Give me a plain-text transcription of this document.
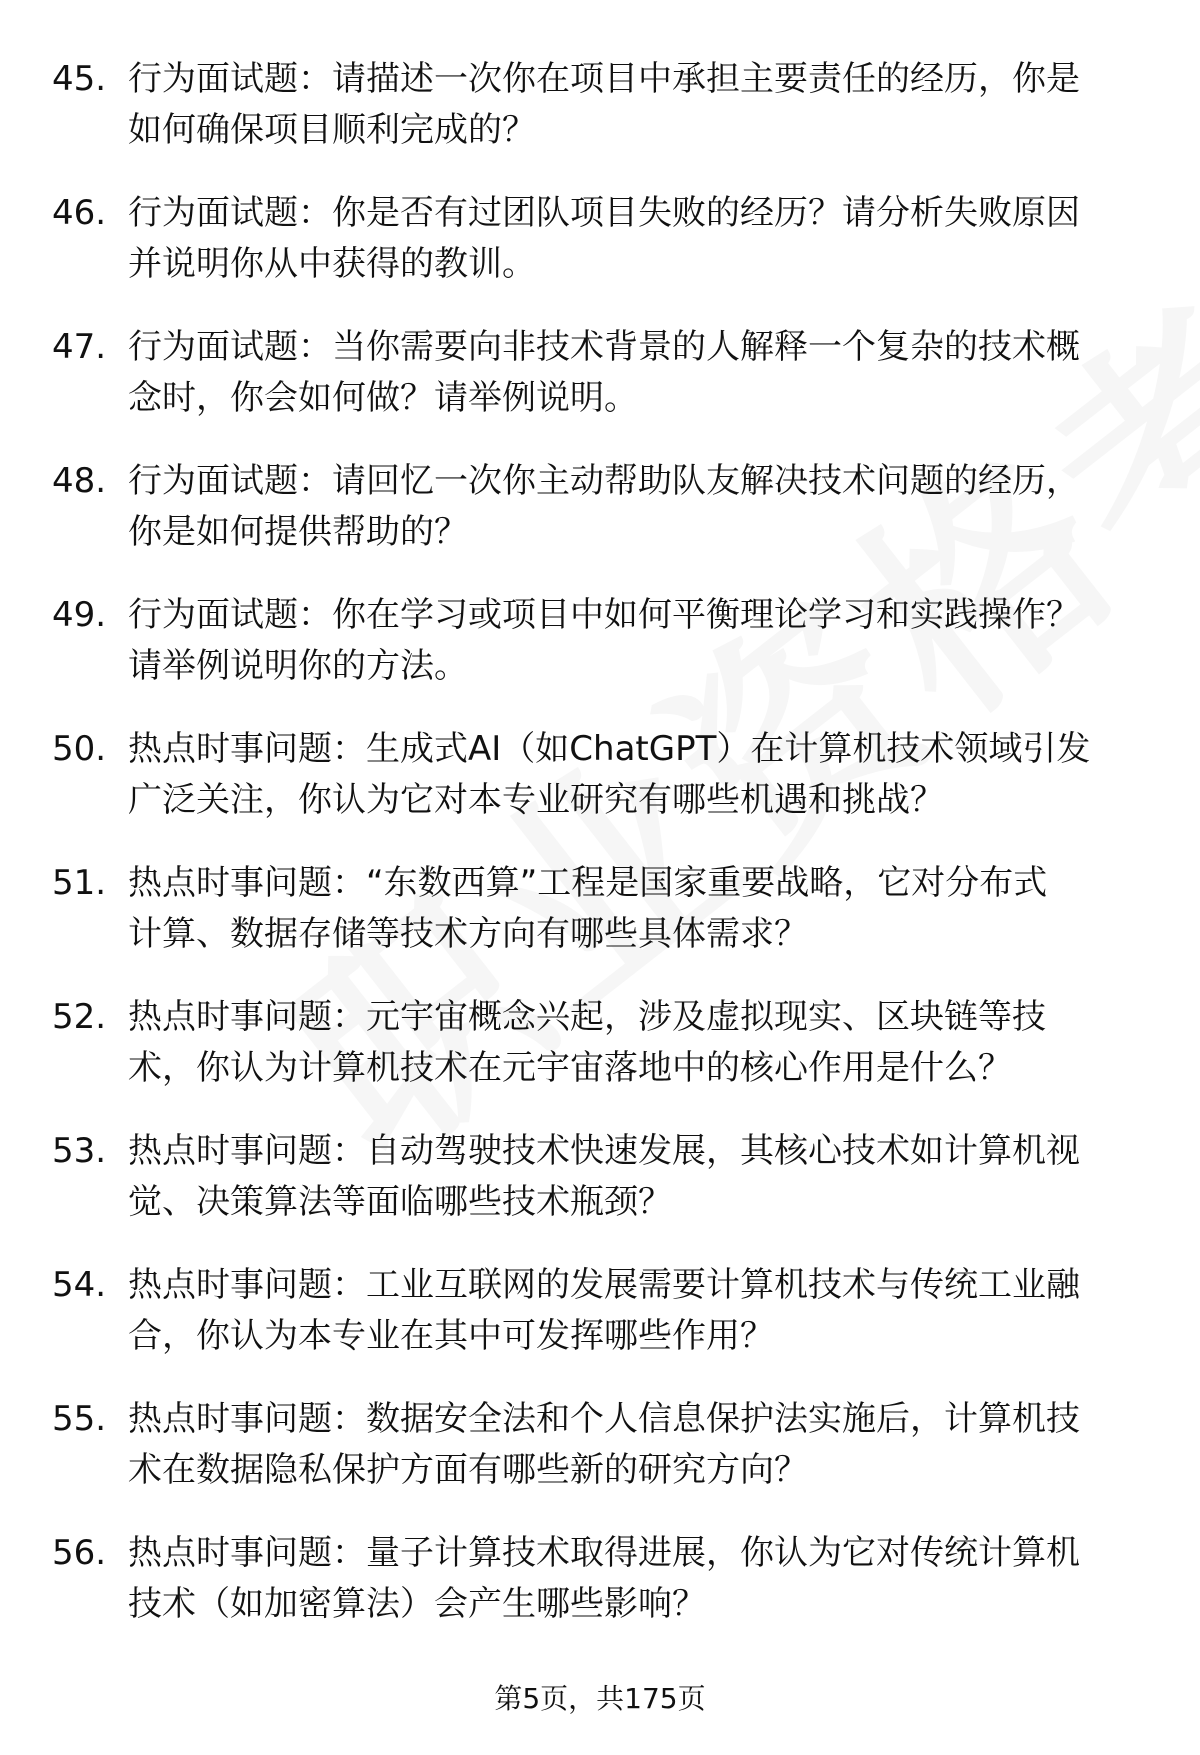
45. 行为面试题：请描述一次你在项目中承担主要责任的经历，你是
如何确保项目顺利完成的？
46. 行为面试题：你是否有过团队项目失败的经历？请分析失败原因
并说明你从中获得的教训。
47. 行为面试题：当你需要向非技术背景的人解释一个复杂的技术概
念时，你会如何做？请举例说明。
48. 行为面试题：请回忆一次你主动帮助队友解决技术问题的经历，
你是如何提供帮助的？
49. 行为面试题：你在学习或项目中如何平衡理论学习和实践操作？
请举例说明你的方法。
50. 热点时事问题：生成式AI（如ChatGPT）在计算机技术领域引发
广泛关注，你认为它对本专业研究有哪些机遇和挑战？
51. 热点时事问题：“东数西算”工程是国家重要战略，它对分布式
计算、数据存储等技术方向有哪些具体需求？
52. 热点时事问题：元宇宙概念兴起，涉及虚拟现实、区块链等技
术，你认为计算机技术在元宇宙落地中的核心作用是什么？
53. 热点时事问题：自动驾驶技术快速发展，其核心技术如计算机视
觉、决策算法等面临哪些技术瓶颈？
54. 热点时事问题：工业互联网的发展需要计算机技术与传统工业融
合，你认为本专业在其中可发挥哪些作用？
55. 热点时事问题：数据安全法和个人信息保护法实施后，计算机技
术在数据隐私保护方面有哪些新的研究方向？
56. 热点时事问题：量子计算技术取得进展，你认为它对传统计算机
技术（如加密算法）会产生哪些影响？
第5页，共175页
